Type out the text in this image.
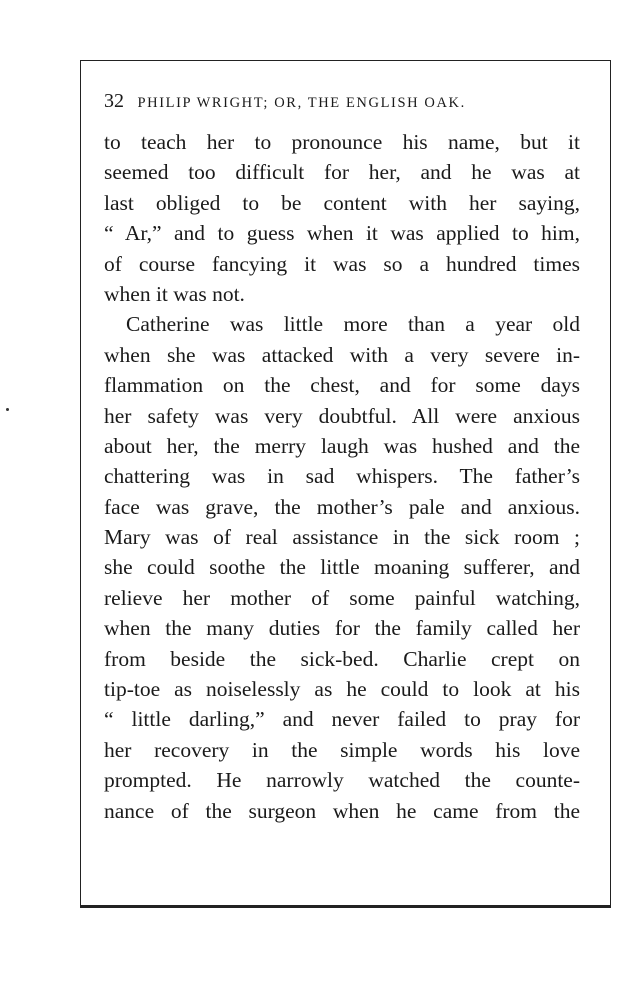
32 PHILIP WRIGHT; OR, THE ENGLISH OAK.
to teach her to pronounce his name, but it
seemed too difficult for her, and he was at
last obliged to be content with her saying,
“ Ar,” and to guess when it was applied to him,
of course fancying it was so a hundred times
when it was not.
Catherine was little more than a year old
when she was attacked with a very severe in-
flammation on the chest, and for some days
her safety was very doubtful. All were anxious
about her, the merry laugh was hushed and the
chattering was in sad whispers. The father’s
face was grave, the mother’s pale and anxious.
Mary was of real assistance in the sick room ;
she could soothe the little moaning sufferer, and
relieve her mother of some painful watching,
when the many duties for the family called her
from beside the sick-bed. Charlie crept on
tip-toe as noiselessly as he could to look at his
“ little darling,” and never failed to pray for
her recovery in the simple words his love
prompted. He narrowly watched the counte-
nance of the surgeon when he came from the
